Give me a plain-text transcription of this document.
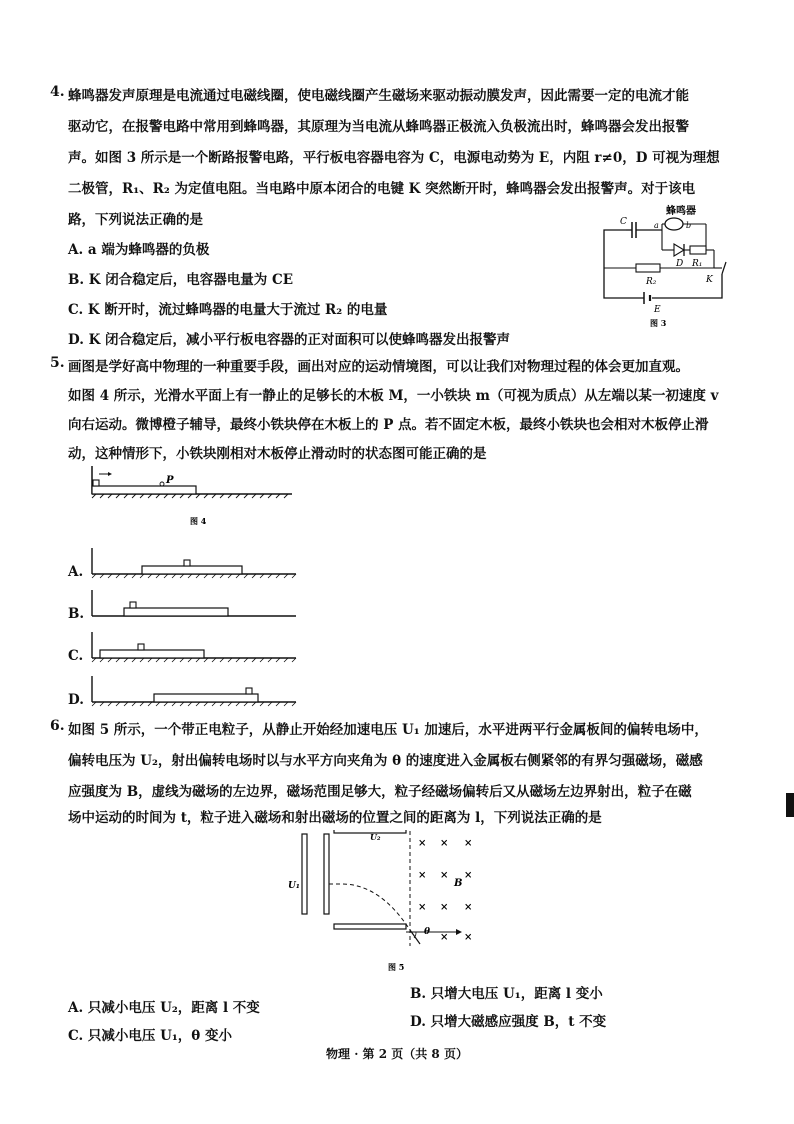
4. 蜂鸣器发声原理是电流通过电磁线圈，使电磁线圈产生磁场来驱动振动膜发声，因此需要一定的电流才能
驱动它，在报警电路中常用到蜂鸣器，其原理为当电流从蜂鸣器正极流入负极流出时，蜂鸣器会发出报警
声。如图 3 所示是一个断路报警电路，平行板电容器电容为 C，电源电动势为 E，内阻 r≠0，D 可视为理想
二极管，R₁、R₂ 为定值电阻。当电路中原本闭合的电键 K 突然断开时，蜂鸣器会发出报警声。对于该电
路，下列说法正确的是
A. a 端为蜂鸣器的负极
B. K 闭合稳定后，电容器电量为 CE
C. K 断开时，流过蜂鸣器的电量大于流过 R₂ 的电量
D. K 闭合稳定后，减小平行板电容器的正对面积可以使蜂鸣器发出报警声
蜂鸣器
C	a	b
D R₁
R₂	K
E
图 3
5. 画图是学好高中物理的一种重要手段，画出对应的运动情境图，可以让我们对物理过程的体会更加直观。
如图 4 所示，光滑水平面上有一静止的足够长的木板 M，一小铁块 m（可视为质点）从左端以某一初速度 v
向右运动。微博橙子辅导，最终小铁块停在木板上的 P 点。若不固定木板，最终小铁块也会相对木板停止滑
动，这种情形下，小铁块刚相对木板停止滑动时的状态图可能正确的是
P
图 4
A.
B.
C.
D.
6. 如图 5 所示，一个带正电粒子，从静止开始经加速电压 U₁ 加速后，水平进两平行金属板间的偏转电场中，
偏转电压为 U₂，射出偏转电场时以与水平方向夹角为 θ 的速度进入金属板右侧紧邻的有界匀强磁场，磁感
应强度为 B，虚线为磁场的左边界，磁场范围足够大，粒子经磁场偏转后又从磁场左边界射出，粒子在磁
场中运动的时间为 t，粒子进入磁场和射出磁场的位置之间的距离为 l，下列说法正确的是
U₁
U₂
θ
× × ×
× × ×
× × ×
× ×
B
图 5
A. 只减小电压 U₂，距离 l 不变
B. 只增大电压 U₁，距离 l 变小
C. 只减小电压 U₁，θ 变小
D. 只增大磁感应强度 B，t 不变
物理 · 第 2 页（共 8 页）
